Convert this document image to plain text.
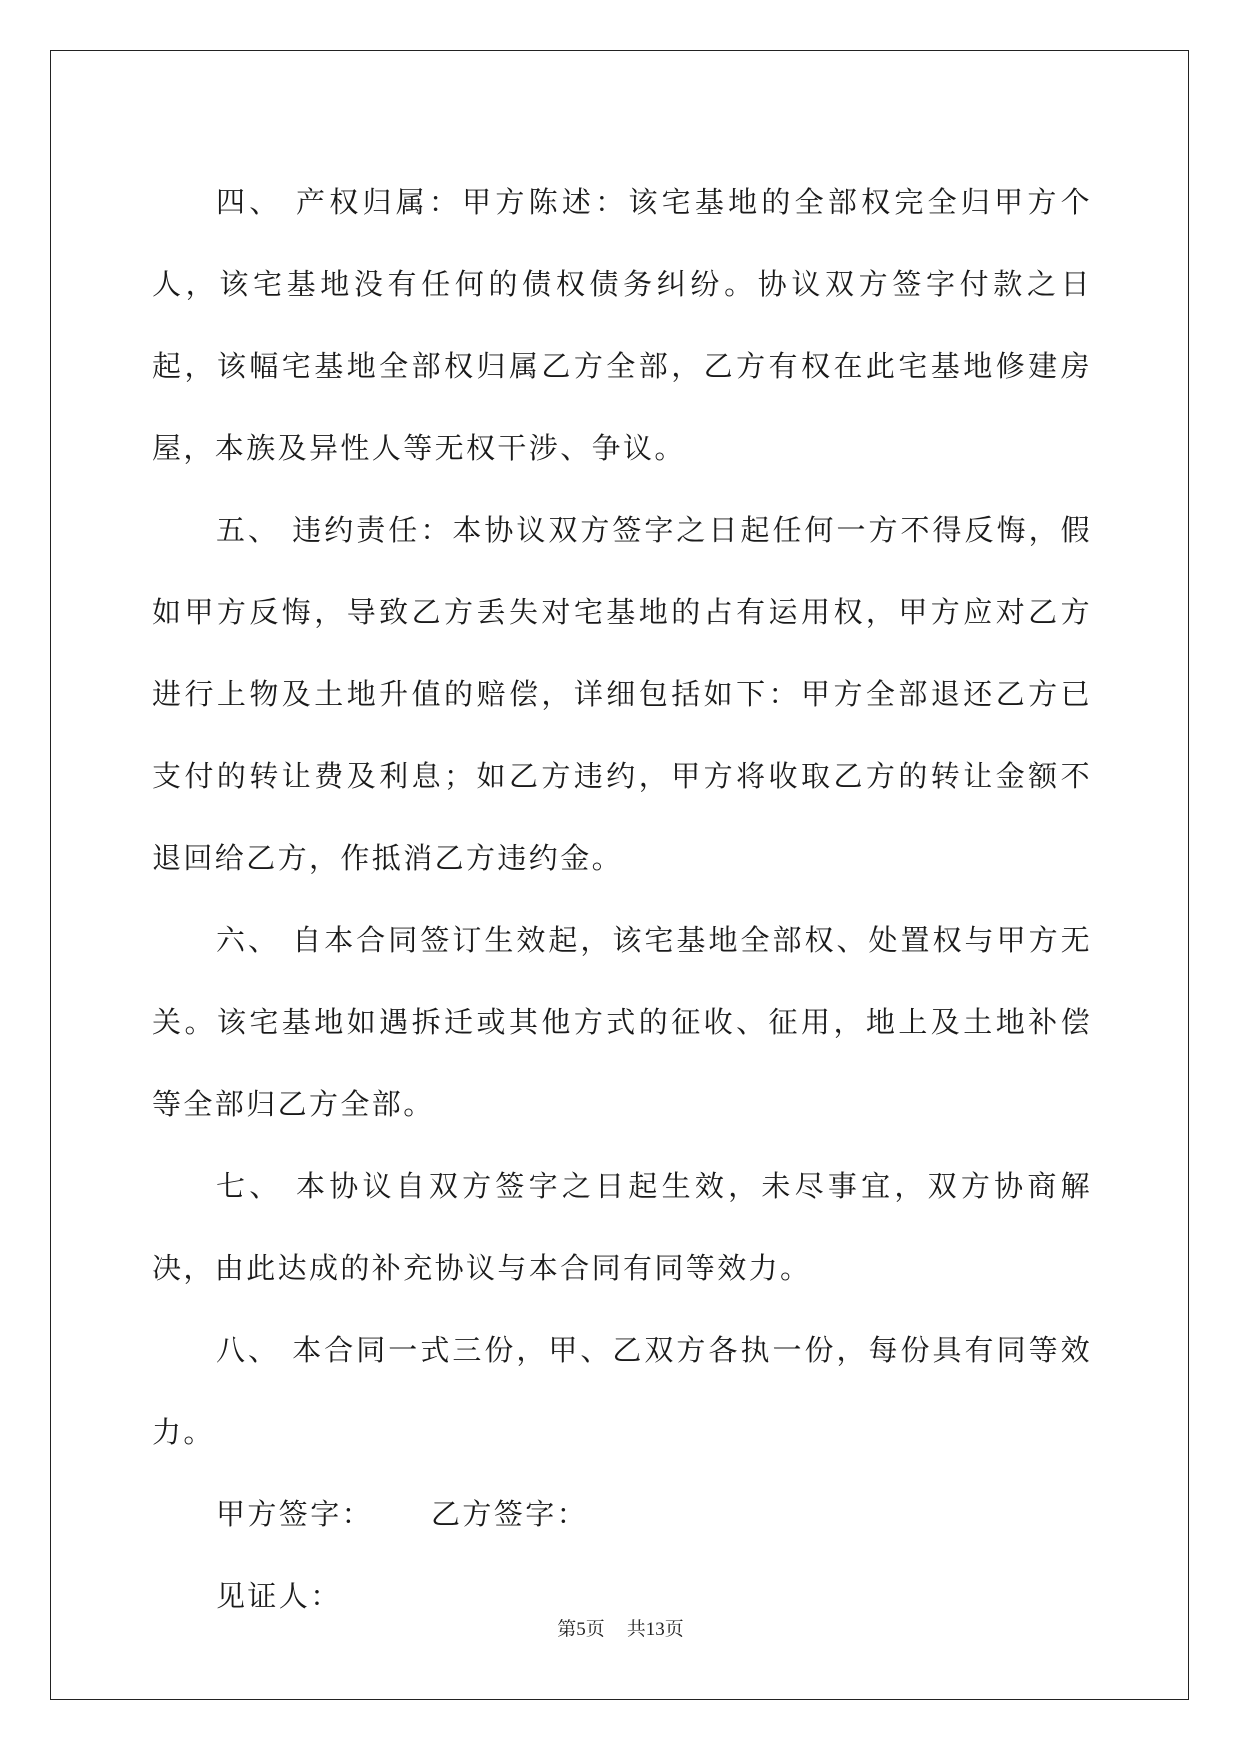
四、 产权归属：甲方陈述：该宅基地的全部权完全归甲方个人，该宅基地没有任何的债权债务纠纷。协议双方签字付款之日起，该幅宅基地全部权归属乙方全部，乙方有权在此宅基地修建房屋，本族及异性人等无权干涉、争议。

五、 违约责任：本协议双方签字之日起任何一方不得反悔，假如甲方反悔，导致乙方丢失对宅基地的占有运用权，甲方应对乙方进行上物及土地升值的赔偿，详细包括如下：甲方全部退还乙方已支付的转让费及利息；如乙方违约，甲方将收取乙方的转让金额不退回给乙方，作抵消乙方违约金。

六、 自本合同签订生效起，该宅基地全部权、处置权与甲方无关。该宅基地如遇拆迁或其他方式的征收、征用，地上及土地补偿等全部归乙方全部。

七、 本协议自双方签字之日起生效，未尽事宜，双方协商解决，由此达成的补充协议与本合同有同等效力。

八、 本合同一式三份，甲、乙双方各执一份，每份具有同等效力。

甲方签字： 乙方签字：

见证人：

第5页 共13页
